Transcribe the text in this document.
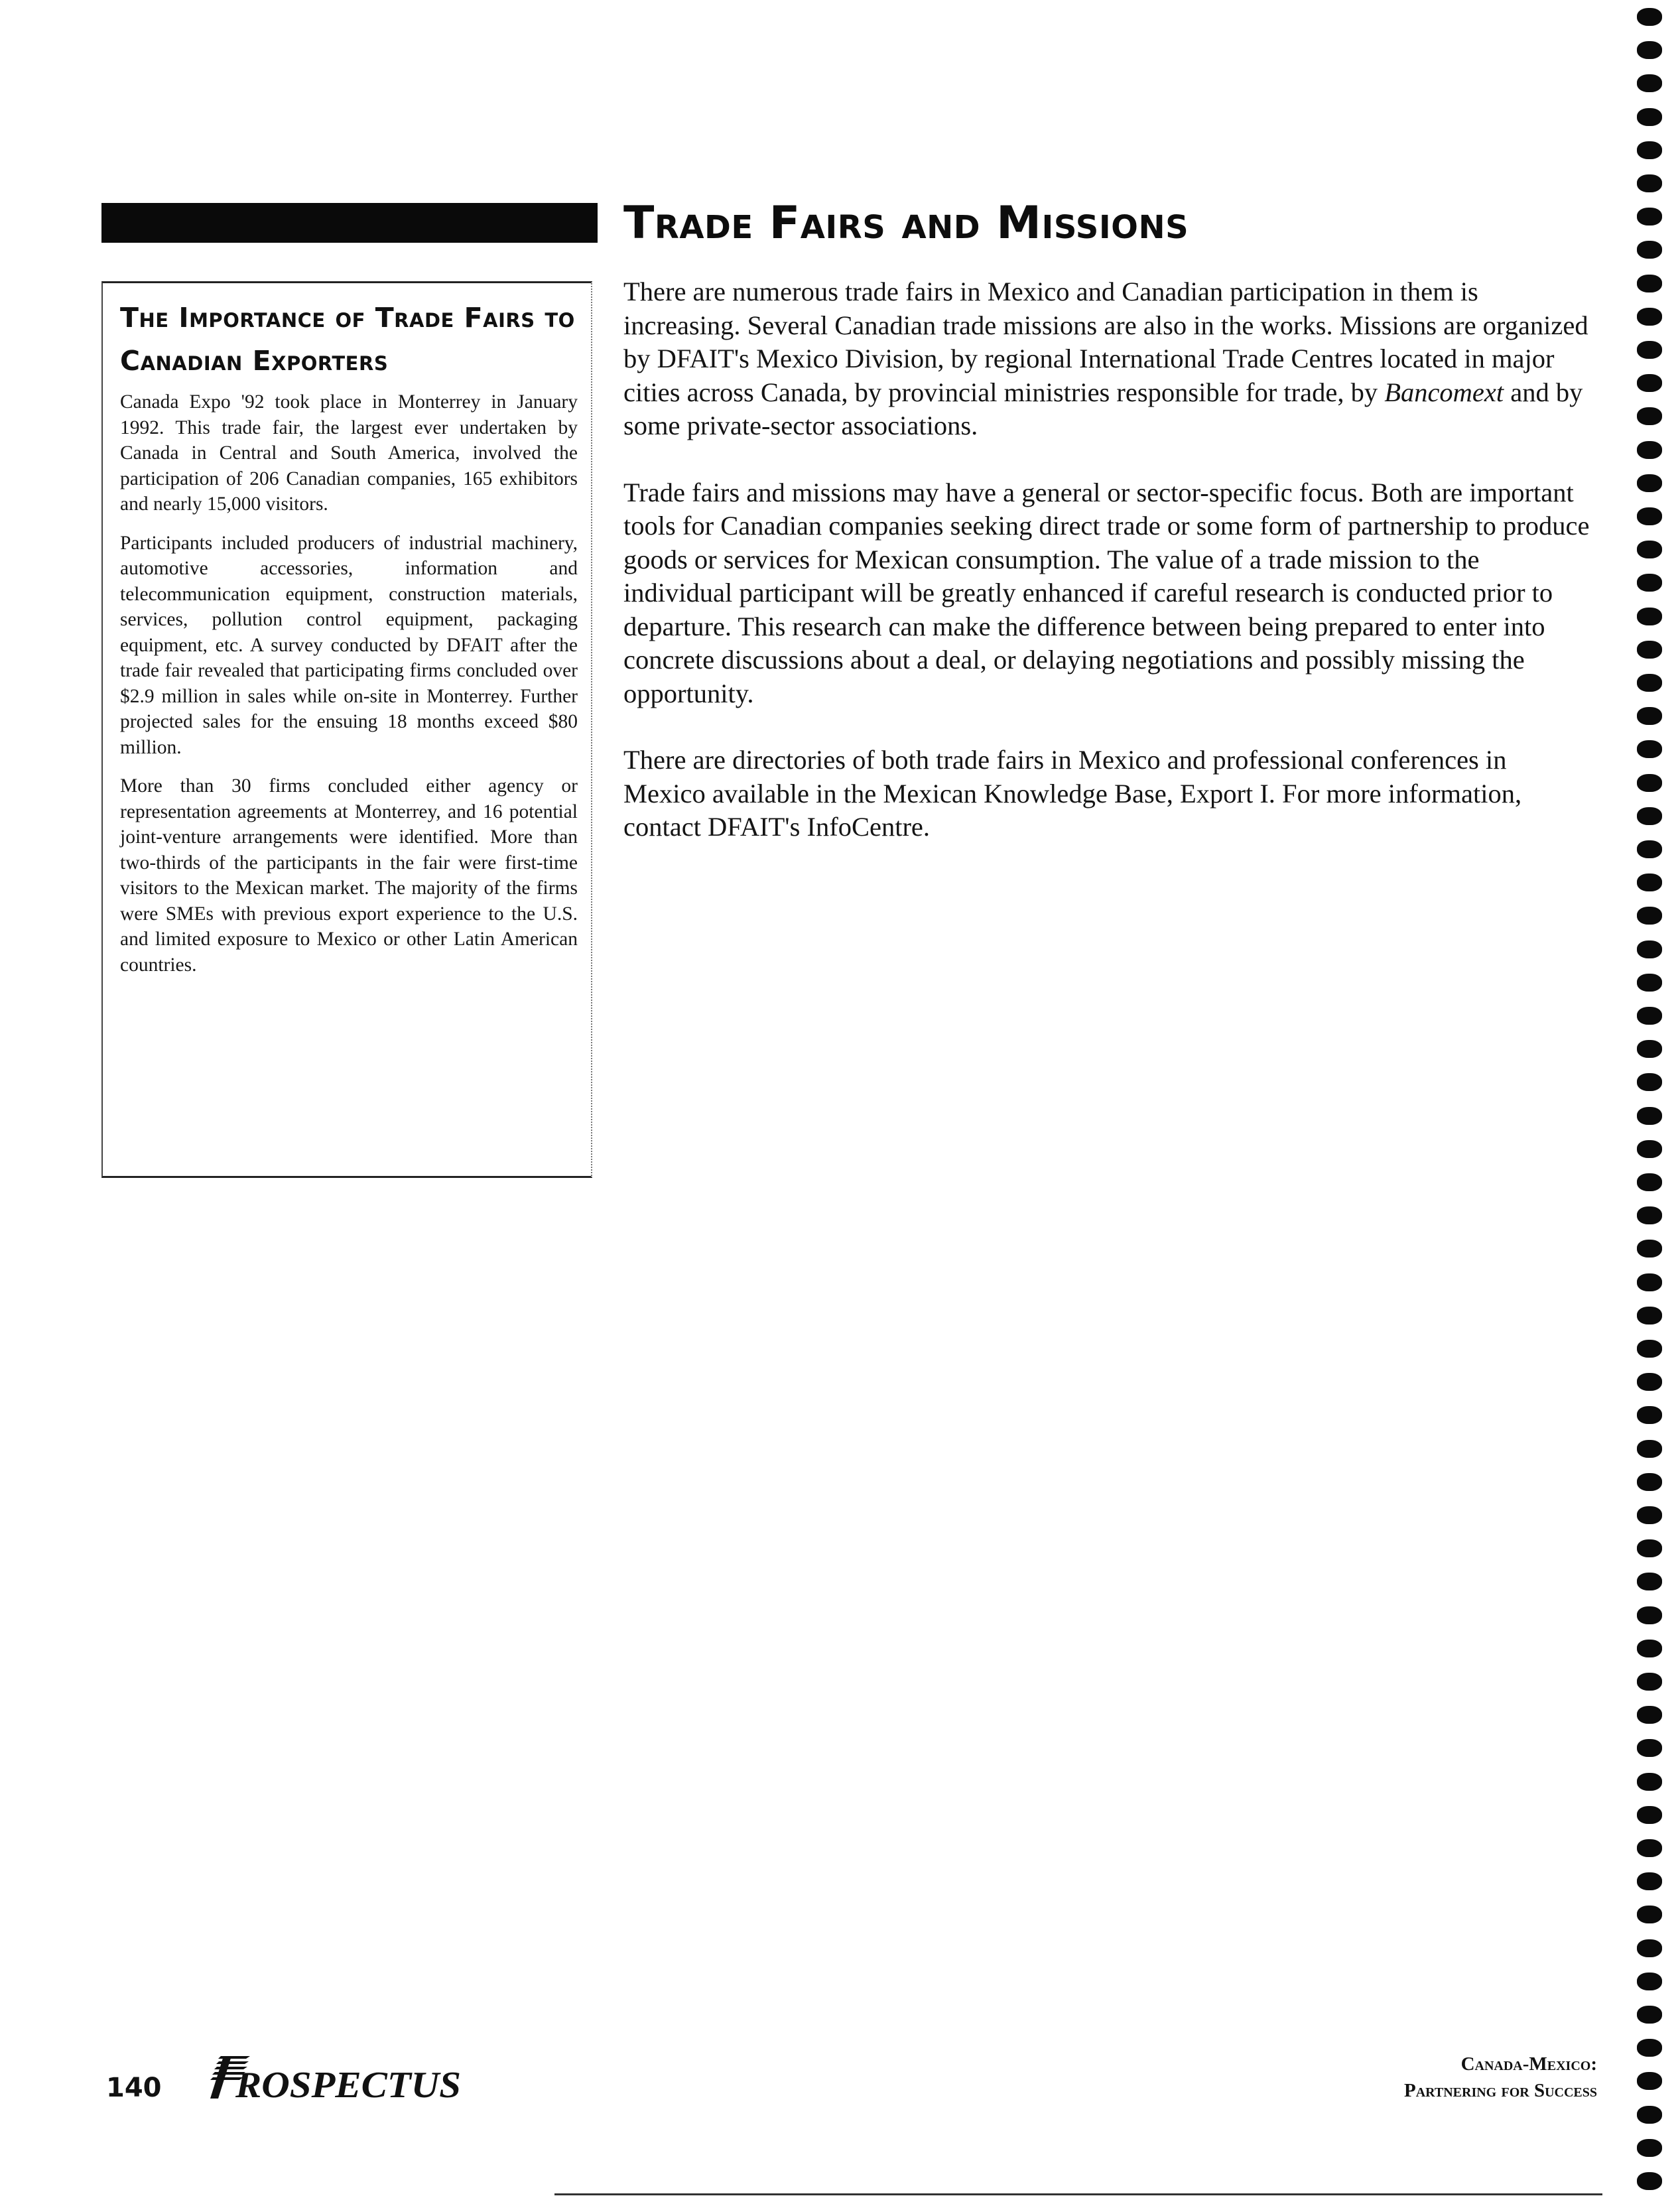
The Importance of Trade Fairs to Canadian Exporters

Canada Expo '92 took place in Monterrey in January 1992. This trade fair, the largest ever undertaken by Canada in Central and South America, involved the participation of 206 Canadian companies, 165 exhibitors and nearly 15,000 visitors.

Participants included producers of industrial machinery, automotive accessories, information and telecommunication equipment, construction materials, services, pollution control equipment, packaging equipment, etc. A survey conducted by DFAIT after the trade fair revealed that participating firms concluded over $2.9 million in sales while on-site in Monterrey. Further projected sales for the ensuing 18 months exceed $80 million.

More than 30 firms concluded either agency or representation agreements at Monterrey, and 16 potential joint-venture arrangements were identified. More than two-thirds of the participants in the fair were first-time visitors to the Mexican market. The majority of the firms were SMEs with previous export experience to the U.S. and limited exposure to Mexico or other Latin American countries.

Trade Fairs and Missions

There are numerous trade fairs in Mexico and Canadian participation in them is increasing. Several Canadian trade missions are also in the works. Missions are organized by DFAIT's Mexico Division, by regional International Trade Centres located in major cities across Canada, by provincial ministries responsible for trade, by Bancomext and by some private-sector associations.

Trade fairs and missions may have a general or sector-specific focus. Both are important tools for Canadian companies seeking direct trade or some form of partnership to produce goods or services for Mexican consumption. The value of a trade mission to the individual participant will be greatly enhanced if careful research is conducted prior to departure. This research can make the difference between being prepared to enter into concrete discussions about a deal, or delaying negotiations and possibly missing the opportunity.

There are directories of both trade fairs in Mexico and professional conferences in Mexico available in the Mexican Knowledge Base, Export I. For more information, contact DFAIT's InfoCentre.

140 ROSPECTUS
Canada-Mexico:
Partnering for Success
